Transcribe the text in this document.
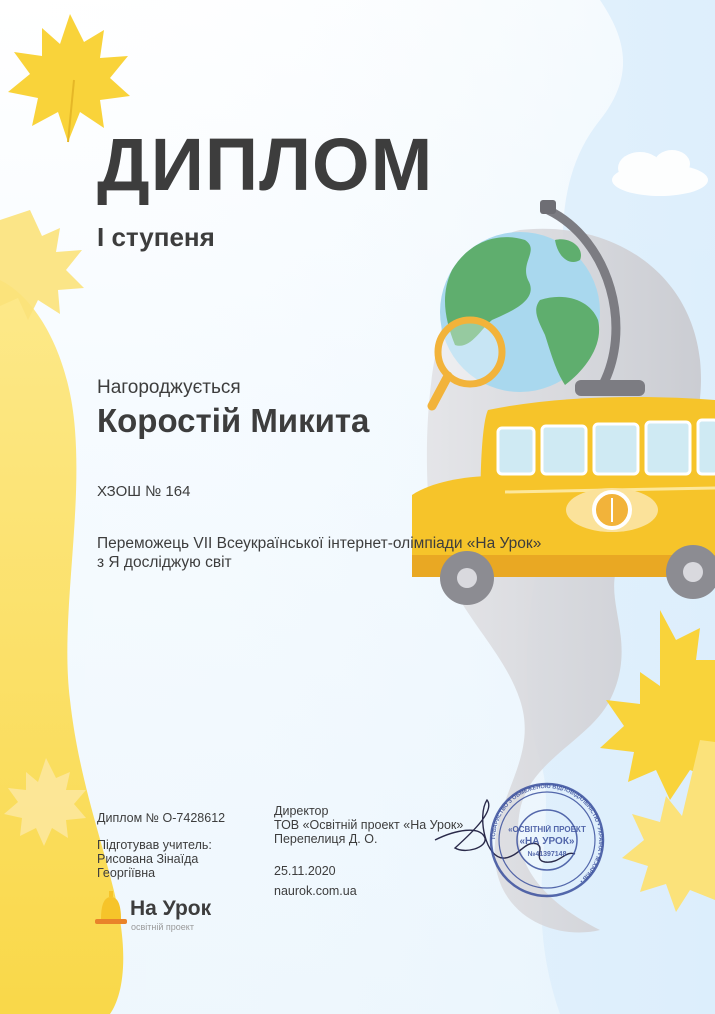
ДИПЛОМ
I ступеня
Нагороджується
Коростій Микита
ХЗОШ № 164
Переможець VII Всеукраїнської інтернет-олімпіади «На Урок»
з Я досліджую світ
Диплом № О-7428612
Підготував учитель:
Рисована Зінаїда
Георгіївна
Директор
ТОВ «Освітній проект «На Урок»
Перепелиця Д. О.
25.11.2020
naurok.com.ua
«ОСВІТНІЙ ПРОЕКТ
«НА УРОК»
№41397148
ТОВАРИСТВО З ОБМЕЖЕНОЮ ВІДПОВІДАЛЬНІСТЮ • УКРАЇНА • М.ХАРКІВ •
На Урок
освітній проект
